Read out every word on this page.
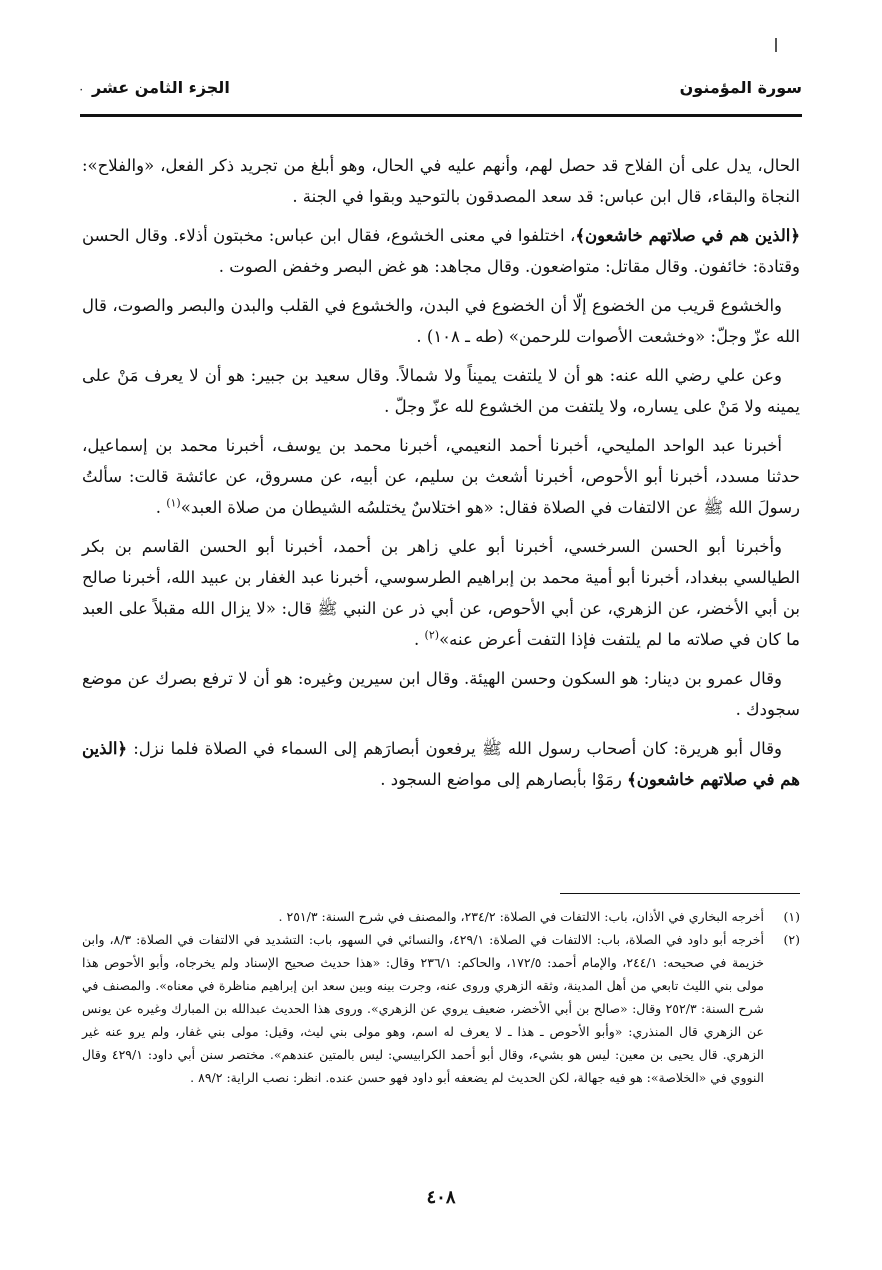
سورة المؤمنون
الجزء الثامن عشر
٠

الحال، يدل على أن الفلاح قد حصل لهم، وأنهم عليه في الحال، وهو أبلغ من تجريد ذكر الفعل، «والفلاح»: النجاة والبقاء، قال ابن عباس: قد سعد المصدقون بالتوحيد وبقوا في الجنة .

﴿الذين هم في صلاتهم خاشعون﴾، اختلفوا في معنى الخشوع، فقال ابن عباس: مخبتون أذلاء. وقال الحسن وقتادة: خائفون. وقال مقاتل: متواضعون. وقال مجاهد: هو غض البصر وخفض الصوت .

والخشوع قريب من الخضوع إلّا أن الخضوع في البدن، والخشوع في القلب والبدن والبصر والصوت، قال الله عزّ وجلّ: «وخشعت الأصوات للرحمن» (طه ـ ١٠٨) .

وعن علي رضي الله عنه: هو أن لا يلتفت يميناً ولا شمالاً. وقال سعيد بن جبير: هو أن لا يعرف مَنْ على يمينه ولا مَنْ على يساره، ولا يلتفت من الخشوع لله عزّ وجلّ .

أخبرنا عبد الواحد المليحي، أخبرنا أحمد النعيمي، أخبرنا محمد بن يوسف، أخبرنا محمد بن إسماعيل، حدثنا مسدد، أخبرنا أبو الأحوص، أخبرنا أشعث بن سليم، عن أبيه، عن مسروق، عن عائشة قالت: سألتُ رسولَ الله ﷺ عن الالتفات في الصلاة فقال: «هو اختلاسٌ يختلسُه الشيطان من صلاة العبد»$^{(١)}$ .

وأخبرنا أبو الحسن السرخسي، أخبرنا أبو علي زاهر بن أحمد، أخبرنا أبو الحسن القاسم بن بكر الطيالسي ببغداد، أخبرنا أبو أمية محمد بن إبراهيم الطرسوسي، أخبرنا عبد الغفار بن عبيد الله، أخبرنا صالح بن أبي الأخضر، عن الزهري، عن أبي الأحوص، عن أبي ذر عن النبي ﷺ قال: «لا يزال الله مقبلاً على العبد ما كان في صلاته ما لم يلتفت فإذا التفت أعرض عنه»$^{(٢)}$ .

وقال عمرو بن دينار: هو السكون وحسن الهيئة. وقال ابن سيرين وغيره: هو أن لا ترفع بصرك عن موضع سجودك .

وقال أبو هريرة: كان أصحاب رسول الله ﷺ يرفعون أبصارَهم إلى السماء في الصلاة فلما نزل: ﴿الذين هم في صلاتهم خاشعون﴾ رمَوْا بأبصارهم إلى مواضع السجود .

(١)
أخرجه البخاري في الأذان، باب: الالتفات في الصلاة: ٢٣٤/٢، والمصنف في شرح السنة: ٢٥١/٣ .
(٢)
أخرجه أبو داود في الصلاة، باب: الالتفات في الصلاة: ٤٢٩/١، والنسائي في السهو، باب: التشديد في الالتفات في الصلاة: ٨/٣، وابن خزيمة في صحيحه: ٢٤٤/١، والإمام أحمد: ١٧٢/٥، والحاكم: ٢٣٦/١ وقال: «هذا حديث صحيح الإسناد ولم يخرجاه، وأبو الأحوص هذا مولى بني الليث تابعي من أهل المدينة، وثقه الزهري وروى عنه، وجرت بينه وبين سعد ابن إبراهيم مناظرة في معناه». والمصنف في شرح السنة: ٢٥٢/٣ وقال: «صالح بن أبي الأخضر، ضعيف يروي عن الزهري». وروى هذا الحديث عبدالله بن المبارك وغيره عن يونس عن الزهري قال المنذري: «وأبو الأحوص ـ هذا ـ لا يعرف له اسم، وهو مولى بني ليث، وقيل: مولى بني غفار، ولم يرو عنه غير الزهري. قال يحيى بن معين: ليس هو بشيء، وقال أبو أحمد الكرابيسي: ليس بالمتين عندهم». مختصر سنن أبي داود: ٤٢٩/١ وقال النووي في «الخلاصة»: هو فيه جهالة، لكن الحديث لم يضعفه أبو داود فهو حسن عنده. انظر: نصب الراية: ٨٩/٢ .
٤٠٨
